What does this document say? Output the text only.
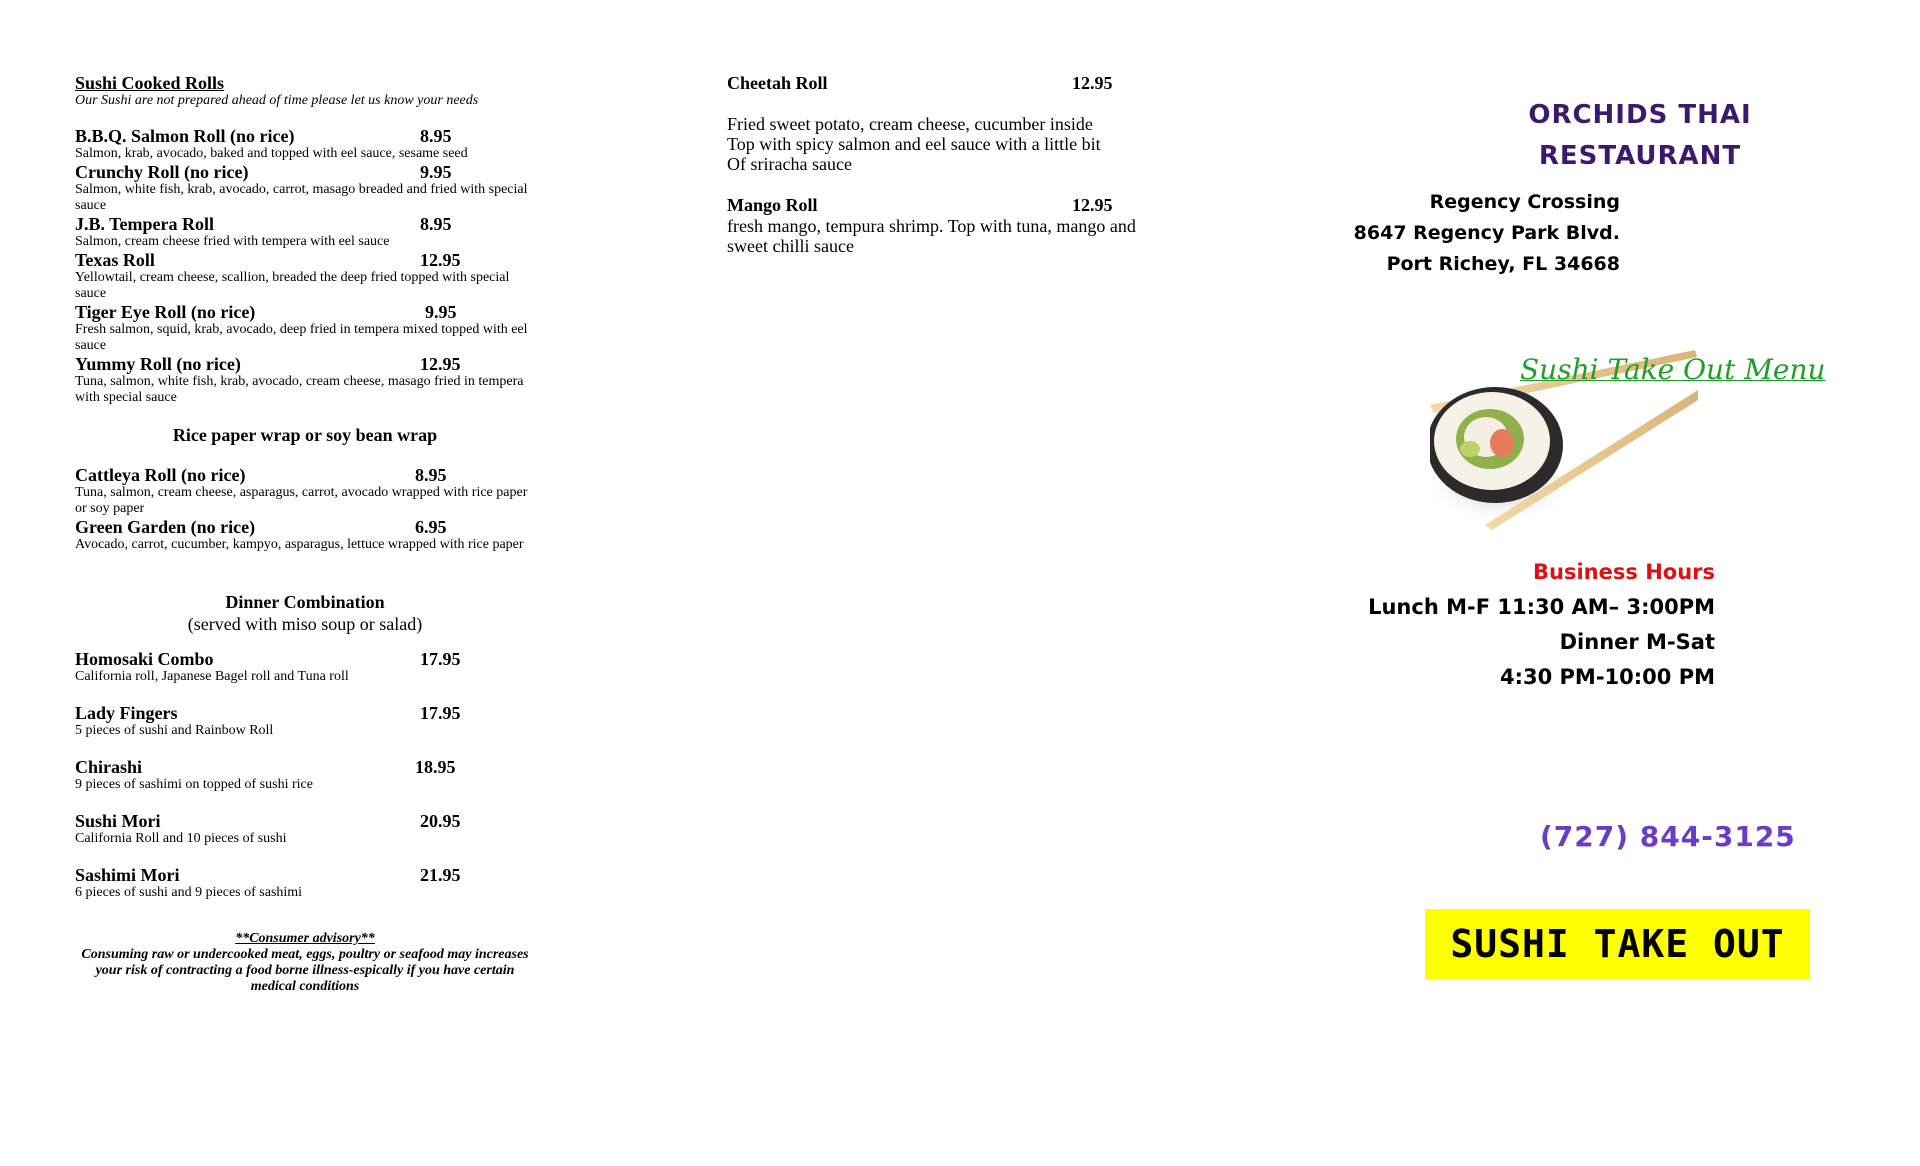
Sushi Cooked Rolls
Our Sushi are not prepared ahead of time please let us know your needs
B.B.Q. Salmon Roll (no rice)	8.95
Salmon, krab, avocado, baked and topped with eel sauce, sesame seed
Crunchy Roll (no rice)	9.95
Salmon, white fish, krab, avocado, carrot, masago breaded and fried with special sauce
J.B. Tempera Roll	8.95
Salmon, cream cheese fried with tempera with eel sauce
Texas Roll	12.95
Yellowtail, cream cheese, scallion, breaded the deep fried topped with special sauce
Tiger Eye Roll (no rice)	9.95
Fresh salmon, squid, krab, avocado, deep fried in tempera mixed topped with eel sauce
Yummy Roll (no rice)	12.95
Tuna, salmon, white fish, krab, avocado, cream cheese, masago fried in tempera with special sauce
Rice paper wrap or soy bean wrap
Cattleya Roll (no rice)	8.95
Tuna, salmon, cream cheese, asparagus, carrot, avocado wrapped with rice paper or soy paper
Green Garden (no rice)	6.95
Avocado, carrot, cucumber, kampyo, asparagus, lettuce wrapped with rice paper
Dinner Combination
(served with miso soup or salad)
Homosaki Combo	17.95
California roll, Japanese Bagel roll and Tuna roll
Lady Fingers	17.95
5 pieces of sushi and Rainbow Roll
Chirashi	18.95
9 pieces of sashimi on topped of sushi rice
Sushi Mori	20.95
California Roll and 10 pieces of sushi
Sashimi Mori	21.95
6 pieces of sushi and 9 pieces of sashimi
**Consumer advisory**
Consuming raw or undercooked meat, eggs, poultry or seafood may increases your risk of contracting a food borne illness-espically if you have certain medical conditions
Cheetah Roll	12.95
Fried sweet potato, cream cheese, cucumber inside
Top with spicy salmon and eel sauce with a little bit
Of sriracha sauce
Mango Roll	12.95
fresh mango, tempura shrimp. Top with tuna, mango and
sweet chilli sauce
ORCHIDS THAI
RESTAURANT
Regency Crossing
8647 Regency Park Blvd.
Port Richey, FL 34668
Sushi Take Out Menu
Business Hours
Lunch M-F 11:30 AM– 3:00PM
Dinner M-Sat
4:30 PM-10:00 PM
(727) 844-3125
SUSHI TAKE OUT
